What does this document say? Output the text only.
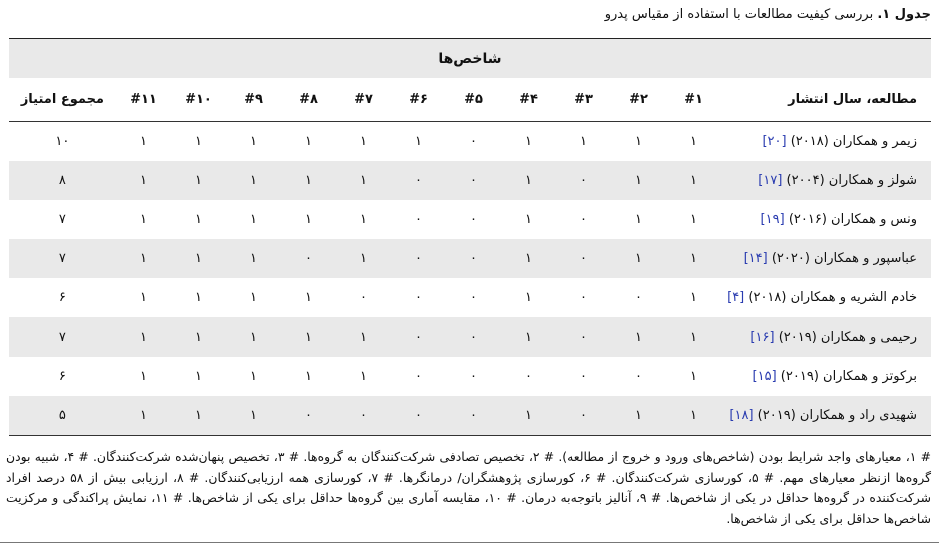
جدول ۱. بررسی کیفیت مطالعات با استفاده از مقیاس پدرو
شاخص‌ها												
مطالعه، سال انتشار	#۱	#۲	#۳	#۴	#۵	#۶	#۷	#۸	#۹	#۱۰	#۱۱	مجموع امتیاز
زیمر و همکاران (۲۰۱۸) [۲۰]	۱	۱	۱	۱	۰	۱	۱	۱	۱	۱	۱	۱۰
شولز و همکاران (۲۰۰۴) [۱۷]	۱	۱	۰	۱	۰	۰	۱	۱	۱	۱	۱	۸
ونس و همکاران (۲۰۱۶) [۱۹]	۱	۱	۰	۱	۰	۰	۱	۱	۱	۱	۱	۷
عباسپور و همکاران (۲۰۲۰) [۱۴]	۱	۱	۰	۱	۰	۰	۱	۰	۱	۱	۱	۷
خادم الشریه و همکاران (۲۰۱۸) [۴]	۱	۰	۰	۱	۰	۰	۰	۱	۱	۱	۱	۶
رحیمی و همکاران (۲۰۱۹) [۱۶]	۱	۱	۰	۱	۰	۰	۱	۱	۱	۱	۱	۷
برکوتز و همکاران (۲۰۱۹) [۱۵]	۱	۰	۰	۰	۰	۰	۱	۱	۱	۱	۱	۶
شهیدی راد و همکاران (۲۰۱۹) [۱۸]	۱	۱	۰	۱	۰	۰	۰	۰	۱	۱	۱	۵
# ۱، معیارهای واجد شرایط بودن (شاخص‌های ورود و خروج از مطالعه). # ۲، تخصیص تصادفی شرکت‌کنندگان به گروه‌ها. # ۳، تخصیص پنهان‌شده شرکت‌کنندگان. # ۴، شبیه بودن گروه‌ها ازنظر معیارهای مهم. # ۵، کورسازی شرکت‌کنندگان. # ۶، کورسازی پژوهشگران/ درمانگرها. # ۷، کورسازی همه ارزیابی‌کنندگان. # ۸، ارزیابی بیش از ۵۸ درصد افراد شرکت‌کننده در گروه‌ها حداقل در یکی از شاخص‌ها. # ۹، آنالیز باتوجه‌به درمان. # ۱۰، مقایسه آماری بین گروه‌ها حداقل برای یکی از شاخص‌ها. # ۱۱، نمایش پراکندگی و مرکزیت شاخص‌ها حداقل برای یکی از شاخص‌ها.
